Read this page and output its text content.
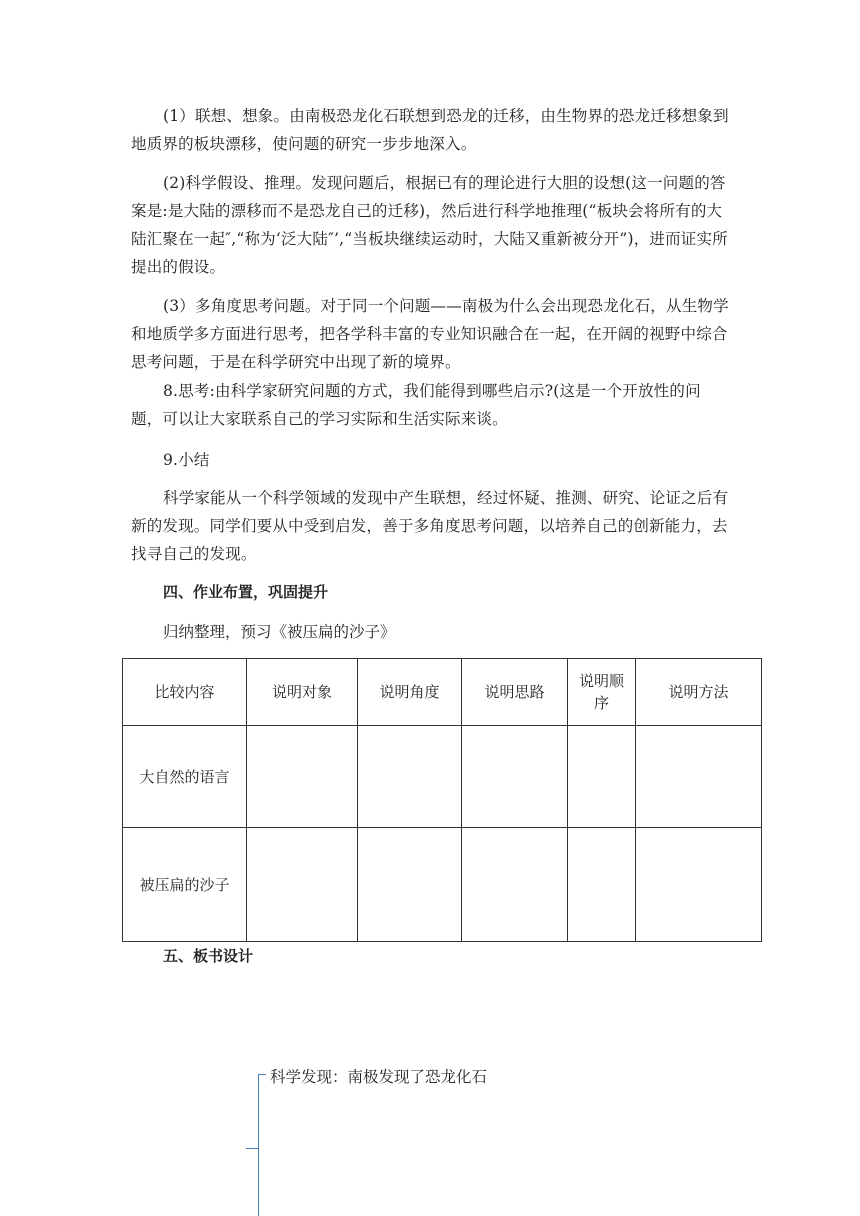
(1）联想、想象。由南极恐龙化石联想到恐龙的迁移，由生物界的恐龙迁移想象到地质界的板块漂移，使问题的研究一步步地深入。

(2)科学假设、推理。发现问题后，根据已有的理论进行大胆的设想(这一问题的答案是:是大陆的漂移而不是恐龙自己的迁移)，然后进行科学地推理(“板块会将所有的大陆汇聚在一起″,“称为‘泛大陆″’,“当板块继续运动时，大陆又重新被分开”)，进而证实所提出的假设。

(3）多角度思考问题。对于同一个问题——南极为什么会出现恐龙化石，从生物学和地质学多方面进行思考，把各学科丰富的专业知识融合在一起，在开阔的视野中综合思考问题，于是在科学研究中出现了新的境界。

8.思考:由科学家研究问题的方式，我们能得到哪些启示?(这是一个开放性的问题，可以让大家联系自己的学习实际和生活实际来谈。

9.小结

科学家能从一个科学领域的发现中产生联想，经过怀疑、推测、研究、论证之后有新的发现。同学们要从中受到启发，善于多角度思考问题，以培养自己的创新能力，去找寻自己的发现。

四、作业布置，巩固提升

归纳整理，预习《被压扁的沙子》

比较内容	说明对象	说明角度	说明思路	说明顺序	说明方法
大自然的语言					
被压扁的沙子					

五、板书设计

科学发现：南极发现了恐龙化石
